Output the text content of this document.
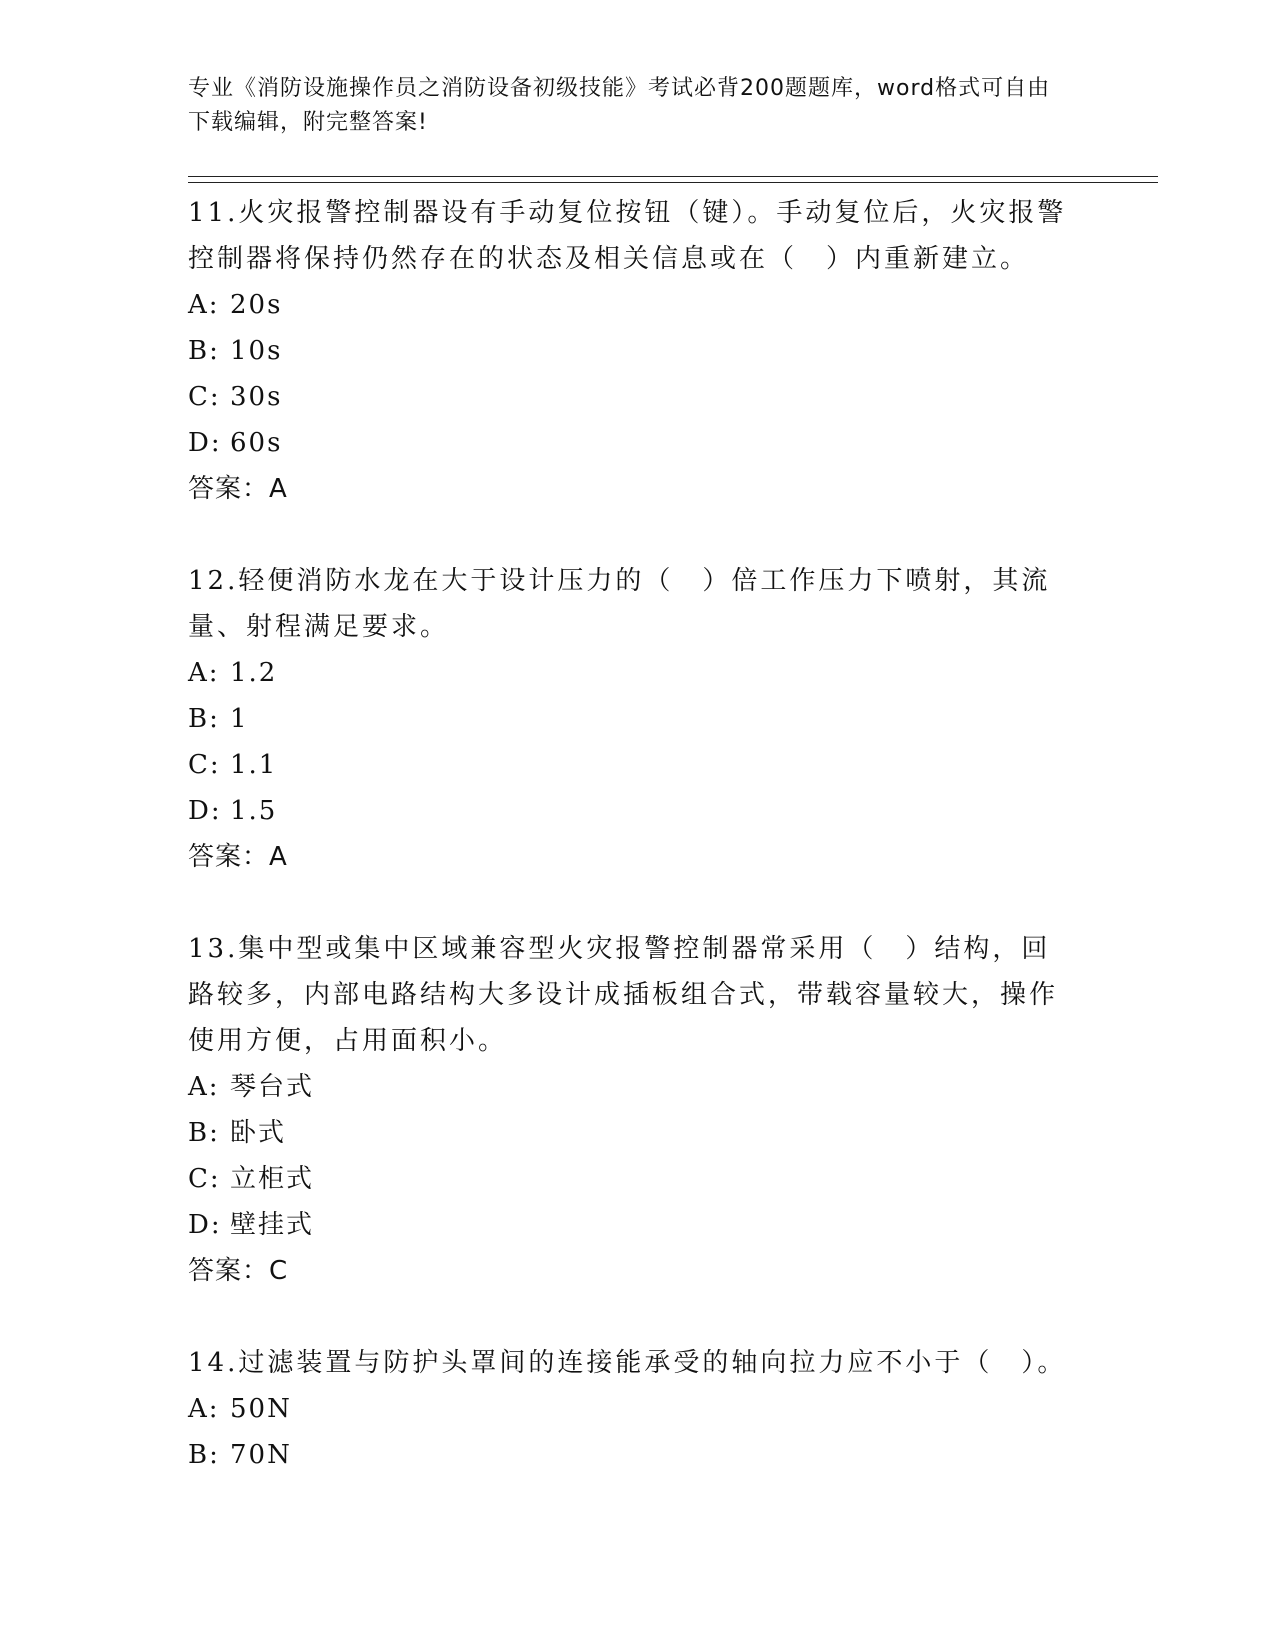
专业《消防设施操作员之消防设备初级技能》考试必背200题题库，word格式可自由下载编辑，附完整答案!

11.火灾报警控制器设有手动复位按钮（键）。手动复位后，火灾报警控制器将保持仍然存在的状态及相关信息或在（　）内重新建立。

A: 20s
B: 10s
C: 30s
D: 60s
答案：A

12.轻便消防水龙在大于设计压力的（　）倍工作压力下喷射，其流量、射程满足要求。

A: 1.2
B: 1
C: 1.1
D: 1.5
答案：A

13.集中型或集中区域兼容型火灾报警控制器常采用（　）结构，回路较多，内部电路结构大多设计成插板组合式，带载容量较大，操作使用方便，占用面积小。

A: 琴台式
B: 卧式
C: 立柜式
D: 壁挂式
答案：C

14.过滤装置与防护头罩间的连接能承受的轴向拉力应不小于（　）。

A: 50N
B: 70N
